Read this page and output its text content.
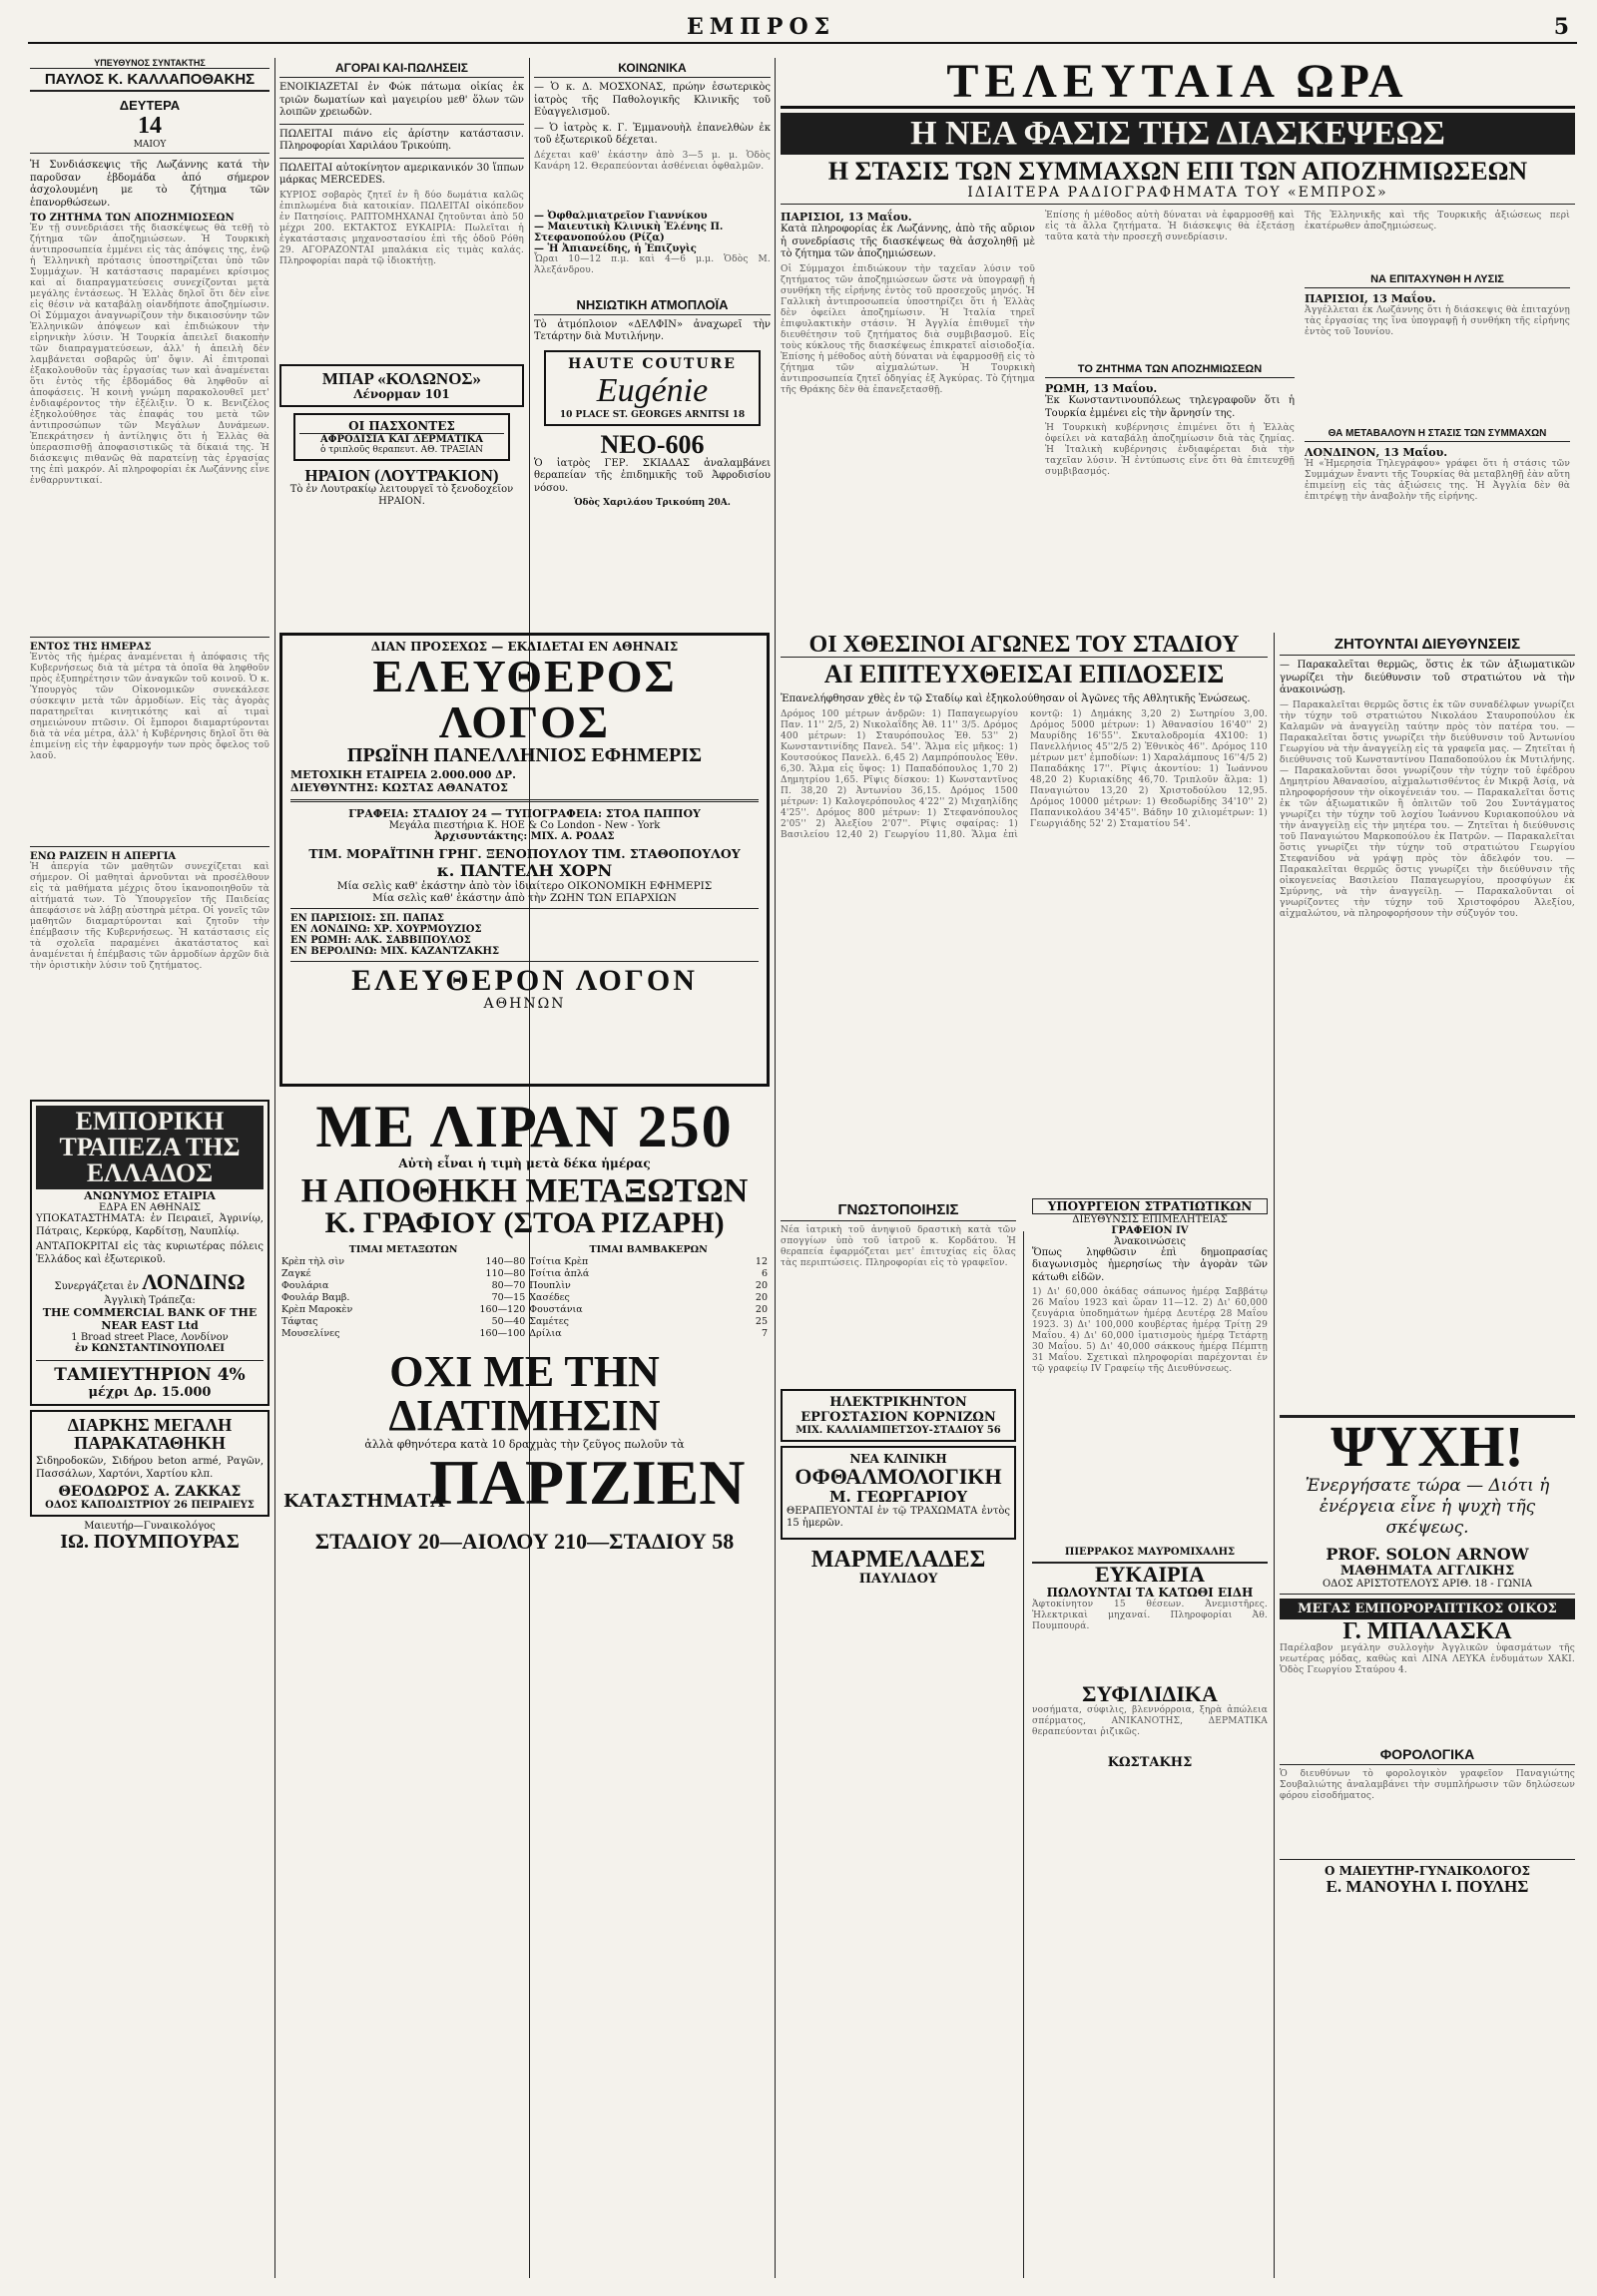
ΕΜΠΡΟΣ	5
ΥΠΕΥΘΥΝΟΣ ΣΥΝΤΑΚΤΗΣ
ΠΑΥΛΟΣ Κ. ΚΑΛΛΑΠΟΘΑΚΗΣ
ΔΕΥΤΕΡΑ
14
ΜΑΙΟΥ

Ἡ Συνδιάσκεψις τῆς Λωζάννης κατά τὴν παροῦσαν ἑβδομάδα ἀπό σήμερον ἀσχολουμένη με τὸ ζήτημα τῶν ἐπανορθώσεων.

ΤΟ ΖΗΤΗΜΑ ΤΩΝ ΑΠΟΖΗΜΙΩΣΕΩΝ
Ἐν τῇ συνεδριάσει τῆς διασκέψεως θὰ τεθῇ τὸ ζήτημα τῶν ἀποζημιώσεων. Ἡ Τουρκικὴ ἀντιπροσωπεία ἐμμένει εἰς τὰς ἀπόψεις της, ἐνῷ ἡ Ἑλληνικὴ πρότασις ὑποστηρίζεται ὑπὸ τῶν Συμμάχων. Ἡ κατάστασις παραμένει κρίσιμος καὶ αἱ διαπραγματεύσεις συνεχίζονται μετὰ μεγάλης ἐντάσεως. Ἡ Ἑλλὰς δηλοῖ ὅτι δὲν εἶνε εἰς θέσιν νὰ καταβάλῃ οἱανδήποτε ἀποζημίωσιν. Οἱ Σύμμαχοι ἀναγνωρίζουν τὴν δικαιοσύνην τῶν Ἑλληνικῶν ἀπόψεων καὶ ἐπιδιώκουν τὴν εἰρηνικὴν λύσιν. Ἡ Τουρκία ἀπειλεῖ διακοπὴν τῶν διαπραγματεύσεων, ἀλλ' ἡ ἀπειλὴ δὲν λαμβάνεται σοβαρῶς ὑπ' ὄψιν. Αἱ ἐπιτροπαὶ ἐξακολουθοῦν τὰς ἐργασίας των καὶ ἀναμένεται ὅτι ἐντὸς τῆς ἑβδομάδος θὰ ληφθοῦν αἱ ἀποφάσεις. Ἡ κοινὴ γνώμη παρακολουθεῖ μετ' ἐνδιαφέροντος τὴν ἐξέλιξιν. Ὁ κ. Βενιζέλος ἐξηκολούθησε τὰς ἐπαφάς του μετὰ τῶν ἀντιπροσώπων τῶν Μεγάλων Δυνάμεων. Ἐπεκράτησεν ἡ ἀντίληψις ὅτι ἡ Ἑλλὰς θὰ ὑπερασπισθῇ ἀποφασιστικῶς τὰ δίκαιά της. Ἡ διάσκεψις πιθανῶς θὰ παρατείνῃ τὰς ἐργασίας της ἐπὶ μακρόν. Αἱ πληροφορίαι ἐκ Λωζάννης εἶνε ἐνθαρρυντικαί.
ΕΝΤΟΣ ΤΗΣ ΗΜΕΡΑΣ
Ἐντὸς τῆς ἡμέρας ἀναμένεται ἡ ἀπόφασις τῆς Κυβερνήσεως διὰ τὰ μέτρα τὰ ὁποῖα θὰ ληφθοῦν πρὸς ἐξυπηρέτησιν τῶν ἀναγκῶν τοῦ κοινοῦ. Ὁ κ. Ὑπουργὸς τῶν Οἰκονομικῶν συνεκάλεσε σύσκεψιν μετὰ τῶν ἁρμοδίων. Εἰς τὰς ἀγορὰς παρατηρεῖται κινητικότης καὶ αἱ τιμαὶ σημειώνουν πτῶσιν. Οἱ ἔμποροι διαμαρτύρονται διὰ τὰ νέα μέτρα, ἀλλ' ἡ Κυβέρνησις δηλοῖ ὅτι θὰ ἐπιμείνῃ εἰς τὴν ἐφαρμογήν των πρὸς ὄφελος τοῦ λαοῦ.
ΕΝΩ ΡΑΙΖΕΙΝ Η ΑΠΕΡΓΙΑ
Ἡ ἀπεργία τῶν μαθητῶν συνεχίζεται καὶ σήμερον. Οἱ μαθηταὶ ἀρνοῦνται νὰ προσέλθουν εἰς τὰ μαθήματα μέχρις ὅτου ἱκανοποιηθοῦν τὰ αἰτήματά των. Τὸ Ὑπουργεῖον τῆς Παιδείας ἀπεφάσισε νὰ λάβῃ αὐστηρὰ μέτρα. Οἱ γονεῖς τῶν μαθητῶν διαμαρτύρονται καὶ ζητοῦν τὴν ἐπέμβασιν τῆς Κυβερνήσεως. Ἡ κατάστασις εἰς τὰ σχολεῖα παραμένει ἀκατάστατος καὶ ἀναμένεται ἡ ἐπέμβασις τῶν ἁρμοδίων ἀρχῶν διὰ τὴν ὁριστικὴν λύσιν τοῦ ζητήματος.
ΕΜΠΟΡΙΚΗ ΤΡΑΠΕΖΑ ΤΗΣ ΕΛΛΑΔΟΣ
ΑΝΩΝΥΜΟΣ ΕΤΑΙΡΙΑ
ΕΔΡΑ ΕΝ ΑΘΗΝΑΙΣ

ΥΠΟΚΑΤΑΣΤΗΜΑΤΑ: ἐν Πειραιεῖ, Ἀγρινίῳ, Πάτραις, Κερκύρᾳ, Καρδίτσῃ, Ναυπλίῳ.

ΑΝΤΑΠΟΚΡΙΤΑΙ εἰς τὰς κυριωτέρας πόλεις Ἑλλάδος καὶ ἐξωτερικοῦ.

Συνεργάζεται ἐν ΛΟΝΔΙΝΩ
Ἀγγλικὴ Τράπεζα:
THE COMMERCIAL BANK OF THE NEAR EAST Ltd
1 Broad street Place, Λονδίνον
ἐν ΚΩΝΣΤΑΝΤΙΝΟΥΠΟΛΕΙ
ΤΑΜΙΕΥΤΗΡΙΟΝ 4%
μέχρι Δρ. 15.000
ΔΙΑΡΚΗΣ ΜΕΓΑΛΗ ΠΑΡΑΚΑΤΑΘΗΚΗ

Σιδηροδοκῶν, Σιδήρου beton armé, Ραγῶν, Πασσάλων, Χαρτόνι, Χαρτίου κλπ.

ΘΕΟΔΩΡΟΣ Α. ΖΑΚΚΑΣ
ΟΔΟΣ ΚΑΠΟΔΙΣΤΡΙΟΥ 26 ΠΕΙΡΑΙΕΥΣ
Μαιευτήρ—Γυναικολόγος
ΙΩ. ΠΟΥΜΠΟΥΡΑΣ
ΑΓΟΡΑΙ ΚΑΙ-ΠΩΛΗΣΕΙΣ

ΕΝΟΙΚΙΑΖΕΤΑΙ ἐν Φώκ πάτωμα οἰκίας ἐκ τριῶν δωματίων καὶ μαγειρίου μεθ' ὅλων τῶν λοιπῶν χρειωδῶν.

ΠΩΛΕΙΤΑΙ πιάνο εἰς ἀρίστην κατάστασιν. Πληροφορίαι Χαριλάου Τρικούπη.

ΠΩΛΕΙΤΑΙ αὐτοκίνητον αμερικανικόν 30 ἵππων μάρκας MERCEDES.

ΚΥΡΙΟΣ σοβαρὸς ζητεῖ ἐν ἢ δύο δωμάτια καλῶς ἐπιπλωμένα διὰ κατοικίαν. ΠΩΛΕΙΤΑΙ οἰκόπεδον ἐν Πατησίοις. ΡΑΠΤΟΜΗΧΑΝΑΙ ζητοῦνται ἀπὸ 50 μέχρι 200. ΕΚΤΑΚΤΟΣ ΕΥΚΑΙΡΙΑ: Πωλεῖται ἡ ἐγκατάστασις μηχανοστασίου ἐπὶ τῆς ὁδοῦ Ρόθη 29. ΑΓΟΡΑΖΟΝΤΑΙ μπαλάκια εἰς τιμὰς καλάς. Πληροφορίαι παρὰ τῷ ἰδιοκτήτῃ.
ΜΠΑΡ «ΚΟΛΩΝΟΣ»
Λένορμαν 101
ΟΙ ΠΑΣΧΟΝΤΕΣ
ΑΦΡΟΔΙΣΙΑ ΚΑΙ ΔΕΡΜΑΤΙΚΑ
ὁ τριπλοῦς θεραπευτ. ΑΘ. ΤΡΑΞΙΑΝ
ΗΡΑΙΟΝ (ΛΟΥΤΡΑΚΙΟΝ)

Τὸ ἐν Λουτρακίῳ λειτουργεῖ τὸ ξενοδοχεῖον ΗΡΑΙΟΝ.

ΔΙΑΝ ΠΡΟΣΕΧΩΣ — ΕΚΔΙΔΕΤΑΙ ΕΝ ΑΘΗΝΑΙΣ
ΕΛΕΥΘΕΡΟΣ ΛΟΓΟΣ
ΠΡΩΪΝΗ ΠΑΝΕΛΛΗΝΙΟΣ ΕΦΗΜΕΡΙΣ
ΜΕΤΟΧΙΚΗ ΕΤΑΙΡΕΙΑ 2.000.000 ΔΡ.
ΔΙΕΥΘΥΝΤΗΣ: ΚΩΣΤΑΣ ΑΘΑΝΑΤΟΣ
ΓΡΑΦΕΙΑ: ΣΤΑΔΙΟΥ 24 — ΤΥΠΟΓΡΑΦΕΙΑ: ΣΤΟΑ ΠΑΠΠΟΥ
Μεγάλα πιεστήρια K. HOE & Co London - New - York
Ἀρχισυντάκτης: ΜΙΧ. Α. ΡΟΔΑΣ
ΤΙΜ. ΜΟΡΑΪΤΙΝΗ ΓΡΗΓ. ΞΕΝΟΠΟΥΛΟΥ ΤΙΜ. ΣΤΑΘΟΠΟΥΛΟΥ
κ. ΠΑΝΤΕΛΗ ΧΟΡΝ
Μία σελὶς καθ' ἑκάστην ἀπὸ τὸν ἰδιαίτερο ΟΙΚΟΝΟΜΙΚΗ ΕΦΗΜΕΡΙΣ
Μία σελὶς καθ' ἑκάστην ἀπὸ τὴν ΖΩΗΝ ΤΩΝ ΕΠΑΡΧΙΩΝ
ΕΝ ΠΑΡΙΣΙΟΙΣ: ΣΠ. ΠΑΠΑΣ
ΕΝ ΛΟΝΔΙΝΩ: ΧΡ. ΧΟΥΡΜΟΥΖΙΟΣ
ΕΝ ΡΩΜΗ: ΑΛΚ. ΣΑΒΒΙΠΟΥΛΟΣ
ΕΝ ΒΕΡΟΛΙΝΩ: ΜΙΧ. ΚΑΖΑΝΤΖΑΚΗΣ
ΕΛΕΥΘΕΡΟΝ ΛΟΓΟΝ
ΑΘΗΝΩΝ
ΜΕ ΛΙΡΑΝ 250
Αὐτὴ εἶναι ἡ τιμὴ μετὰ δέκα ἡμέρας
Η ΑΠΟΘΗΚΗ ΜΕΤΑΞΩΤΩΝ
Κ. ΓΡΑΦΙΟΥ (ΣΤΟΑ ΡΙΖΑΡΗ)
ΤΙΜΑΙ ΜΕΤΑΞΩΤΩΝ		ΤΙΜΑΙ ΒΑΜΒΑΚΕΡΩΝ	
Κρὲπ τὴλ σὶν	140—80	Τσίτια Κρὲπ	12
Ζαγκέ	110—80	Τσίτια ἁπλά	6
Φουλάρια	80—70	Πουπλὶν	20
Φουλάρ Βαμβ.	70—15	Χασέδες	20
Κρὲπ Μαροκὲν	160—120	Φουστάνια	20
Τάφτας	50—40	Σαμέτες	25
Μουσελίνες	160—100	Δρίλια	7
ΟΧΙ ΜΕ ΤΗΝ ΔΙΑΤΙΜΗΣΙΝ
ἀλλὰ φθηνότερα κατὰ 10 δραχμὰς τὴν ζεῦγος πωλοῦν τὰ
ΚΑΤΑΣΤΗΜΑΤΑ
ΠΑΡΙΖΙΕΝ
ΣΤΑΔΙΟΥ 20—ΑΙΟΛΟΥ 210—ΣΤΑΔΙΟΥ 58
ΚΟΙΝΩΝΙΚΑ

— Ὁ κ. Δ. ΜΟΣΧΟΝΑΣ, πρώην ἐσωτερικὸς ἰατρὸς τῆς Παθολογικῆς Κλινικῆς τοῦ Εὐαγγελισμοῦ.

— Ὁ ἰατρὸς κ. Γ. Ἐμμανουὴλ ἐπανελθὼν ἐκ τοῦ ἐξωτερικοῦ δέχεται.

Δέχεται καθ' ἑκάστην ἀπὸ 3—5 μ. μ. Ὁδὸς Κανάρη 12. Θεραπεύονται ἀσθένειαι ὀφθαλμῶν.
— Ὀφθαλμιατρεῖον Γιαννίκου
— Μαιευτικὴ Κλινικὴ Ἑλένης Π. Στεφανοπούλου (Ρίζα)
— Ἡ Ἀπιανείδης, ἡ Ἐπιζυγὶς
Ὧραι 10—12 π.μ. καὶ 4—6 μ.μ. Ὁδὸς Μ. Ἀλεξάνδρου.
ΝΗΣΙΩΤΙΚΗ ΑΤΜΟΠΛΟΪΑ

Τὸ ἀτμόπλοιον «ΔΕΛΦΙΝ» ἀναχωρεῖ τὴν Τετάρτην διὰ Μυτιλήνην.

HAUTE COUTURE
Eugénie
10 PLACE ST. GEORGES ARNITSI 18
ΝΕΟ-606

Ὁ ἰατρὸς ΓΕΡ. ΣΚΙΑΔΑΣ ἀναλαμβάνει θεραπείαν τῆς ἐπιδημικῆς τοῦ Ἀφροδισίου νόσου.

Ὁδὸς Χαριλάου Τρικούπη 20Α.
ΤΕΛΕΥΤΑΙΑ ΩΡΑ
Η ΝΕΑ ΦΑΣΙΣ ΤΗΣ ΔΙΑΣΚΕΨΕΩΣ
Η ΣΤΑΣΙΣ ΤΩΝ ΣΥΜΜΑΧΩΝ ΕΠΙ ΤΩΝ ΑΠΟΖΗΜΙΩΣΕΩΝ
ΙΔΙΑΙΤΕΡΑ ΡΑΔΙΟΓΡΑΦΗΜΑΤΑ ΤΟΥ «ΕΜΠΡΟΣ»
ΠΑΡΙΣΙΟΙ, 13 Μαΐου.

Κατὰ πληροφορίας ἐκ Λωζάννης, ἀπὸ τῆς αὔριον ἡ συνεδρίασις τῆς διασκέψεως θὰ ἀσχοληθῇ μὲ τὸ ζήτημα τῶν ἀποζημιώσεων.

Οἱ Σύμμαχοι ἐπιδιώκουν τὴν ταχεῖαν λύσιν τοῦ ζητήματος τῶν ἀποζημιώσεων ὥστε νὰ ὑπογραφῇ ἡ συνθήκη τῆς εἰρήνης ἐντὸς τοῦ προσεχοῦς μηνός. Ἡ Γαλλικὴ ἀντιπροσωπεία ὑποστηρίζει ὅτι ἡ Ἑλλὰς δὲν ὀφείλει ἀποζημίωσιν. Ἡ Ἰταλία τηρεῖ ἐπιφυλακτικὴν στάσιν. Ἡ Ἀγγλία ἐπιθυμεῖ τὴν διευθέτησιν τοῦ ζητήματος διὰ συμβιβασμοῦ. Εἰς τοὺς κύκλους τῆς διασκέψεως ἐπικρατεῖ αἰσιοδοξία. Ἐπίσης ἡ μέθοδος αὐτὴ δύναται νὰ ἐφαρμοσθῇ εἰς τὸ ζήτημα τῶν αἰχμαλώτων. Ἡ Τουρκικὴ ἀντιπροσωπεία ζητεῖ ὁδηγίας ἐξ Ἀγκύρας. Τὸ ζήτημα τῆς Θράκης δὲν θὰ ἐπανεξετασθῇ.
Ἐπίσης ἡ μέθοδος αὐτὴ δύναται νὰ ἐφαρμοσθῇ καὶ εἰς τὰ ἄλλα ζητήματα. Ἡ διάσκεψις θὰ ἐξετάσῃ ταῦτα κατὰ τὴν προσεχῆ συνεδρίασιν.
ΤΟ ΖΗΤΗΜΑ ΤΩΝ ΑΠΟΖΗΜΙΩΣΕΩΝ
ΡΩΜΗ, 13 Μαΐου.

Ἐκ Κωνσταντινουπόλεως τηλεγραφοῦν ὅτι ἡ Τουρκία ἐμμένει εἰς τὴν ἄρνησίν της.

Ἡ Τουρκικὴ κυβέρνησις ἐπιμένει ὅτι ἡ Ἑλλὰς ὀφείλει νὰ καταβάλῃ ἀποζημίωσιν διὰ τὰς ζημίας. Ἡ Ἰταλικὴ κυβέρνησις ἐνδιαφέρεται διὰ τὴν ταχεῖαν λύσιν. Ἡ ἐντύπωσις εἶνε ὅτι θὰ ἐπιτευχθῇ συμβιβασμός.
Τῆς Ἑλληνικῆς καὶ τῆς Τουρκικῆς ἀξιώσεως περὶ ἑκατέρωθεν ἀποζημιώσεως.
ΝΑ ΕΠΙΤΑΧΥΝΘΗ Η ΛΥΣΙΣ
ΠΑΡΙΣΙΟΙ, 13 Μαΐου.
Ἀγγέλλεται ἐκ Λωζάννης ὅτι ἡ διάσκεψις θὰ ἐπιταχύνῃ τὰς ἐργασίας της ἵνα ὑπογραφῇ ἡ συνθήκη τῆς εἰρήνης ἐντὸς τοῦ Ἰουνίου.
ΘΑ ΜΕΤΑΒΑΛΟΥΝ Η ΣΤΑΣΙΣ ΤΩΝ ΣΥΜΜΑΧΩΝ
ΛΟΝΔΙΝΟΝ, 13 Μαΐου.
Ἡ «Ἡμερησία Τηλεγράφου» γράφει ὅτι ἡ στάσις τῶν Συμμάχων ἔναντι τῆς Τουρκίας θὰ μεταβληθῇ ἐὰν αὕτη ἐπιμείνῃ εἰς τὰς ἀξιώσεις της. Ἡ Ἀγγλία δὲν θὰ ἐπιτρέψῃ τὴν ἀναβολὴν τῆς εἰρήνης.
ΟΙ ΧΘΕΣΙΝΟΙ ΑΓΩΝΕΣ ΤΟΥ ΣΤΑΔΙΟΥ
ΑΙ ΕΠΙΤΕΥΧΘΕΙΣΑΙ ΕΠΙΔΟΣΕΙΣ

Ἐπανελήφθησαν χθὲς ἐν τῷ Σταδίῳ καὶ ἐξηκολούθησαν οἱ Ἀγῶνες τῆς Αθλητικῆς Ἑνώσεως.

Δρόμος 100 μέτρων ἀνδρῶν: 1) Παπαγεωργίου Παν. 11'' 2/5, 2) Νικολαΐδης Ἀθ. 11'' 3/5. Δρόμος 400 μέτρων: 1) Σταυρόπουλος Ἐθ. 53'' 2) Κωνσταντινίδης Πανελ. 54''. Ἅλμα εἰς μῆκος: 1) Κουτσούκος Πανελλ. 6,45 2) Λαμπρόπουλος Ἐθν. 6,30. Ἅλμα εἰς ὕψος: 1) Παπαδόπουλος 1,70 2) Δημητρίου 1,65. Ρῖψις δίσκου: 1) Κωνσταντῖνος Π. 38,20 2) Ἀντωνίου 36,15. Δρόμος 1500 μέτρων: 1) Καλογερόπουλος 4'22'' 2) Μιχαηλίδης 4'25''. Δρόμος 800 μέτρων: 1) Στεφανόπουλος 2'05'' 2) Ἀλεξίου 2'07''. Ρῖψις σφαίρας: 1) Βασιλείου 12,40 2) Γεωργίου 11,80. Ἅλμα ἐπὶ κοντῷ: 1) Δημάκης 3,20 2) Σωτηρίου 3,00. Δρόμος 5000 μέτρων: 1) Ἀθανασίου 16'40'' 2) Μαυρίδης 16'55''. Σκυταλοδρομία 4Χ100: 1) Πανελλήνιος 45''2/5 2) Ἐθνικὸς 46''. Δρόμος 110 μέτρων μετ' ἐμποδίων: 1) Χαραλάμπους 16''4/5 2) Παπαδάκης 17''. Ρῖψις ἀκοντίου: 1) Ἰωάννου 48,20 2) Κυριακίδης 46,70. Τριπλοῦν ἅλμα: 1) Παναγιώτου 13,20 2) Χριστοδούλου 12,95. Δρόμος 10000 μέτρων: 1) Θεοδωρίδης 34'10'' 2) Παπανικολάου 34'45''. Βάδην 10 χιλιομέτρων: 1) Γεωργιάδης 52' 2) Σταματίου 54'.
ΓΝΩΣΤΟΠΟΙΗΣΙΣ
Νέα ἰατρικὴ τοῦ ἀνηψιοῦ δραστικὴ κατὰ τῶν σπογγίων ὑπὸ τοῦ ἰατροῦ κ. Κορδάτου. Ἡ θεραπεία ἐφαρμόζεται μετ' ἐπιτυχίας εἰς ὅλας τὰς περιπτώσεις. Πληροφορίαι εἰς τὸ γραφεῖον.
ΗΛΕΚΤΡΙΚΗΝΤΟΝ ΕΡΓΟΣΤΑΣΙΟΝ ΚΟΡΝΙΖΩΝ
ΜΙΧ. ΚΑΛΛΙΑΜΠΕΤΣΟΥ-ΣΤΑΔΙΟΥ 56
ΝΕΑ ΚΛΙΝΙΚΗ
ΟΦΘΑΛΜΟΛΟΓΙΚΗ
Μ. ΓΕΩΡΓΑΡΙΟΥ

ΘΕΡΑΠΕΥΟΝΤΑΙ ἐν τῷ ΤΡΑΧΩΜΑΤΑ ἐντὸς 15 ἡμερῶν.

ΜΑΡΜΕΛΑΔΕΣ
ΠΑΥΛΙΔΟΥ
ΥΠΟΥΡΓΕΙΟΝ ΣΤΡΑΤΙΩΤΙΚΩΝ
ΔΙΕΥΘΥΝΣΙΣ ΕΠΙΜΕΛΗΤΕΙΑΣ
ΓΡΑΦΕΙΟΝ ΙV
Ἀνακοινώσεις

Ὅπως ληφθῶσιν ἐπὶ δημοπρασίας διαγωνισμὸς ἡμερησίως τὴν ἀγορὰν τῶν κάτωθι εἰδῶν.

1) Δι' 60,000 ὀκάδας σάπωνος ἡμέρᾳ Σαββάτῳ 26 Μαΐου 1923 καὶ ὥραν 11—12. 2) Δι' 60,000 ζευγάρια ὑποδημάτων ἡμέρᾳ Δευτέρᾳ 28 Μαΐου 1923. 3) Δι' 100,000 κουβέρτας ἡμέρᾳ Τρίτῃ 29 Μαΐου. 4) Δι' 60,000 ἱματισμοὺς ἡμέρᾳ Τετάρτῃ 30 Μαΐου. 5) Δι' 40,000 σάκκους ἡμέρᾳ Πέμπτῃ 31 Μαΐου. Σχετικαὶ πληροφορίαι παρέχονται ἐν τῷ γραφείῳ IV Γραφείῳ τῆς Διευθύνσεως.
ΠΙΕΡΡΑΚΟΣ ΜΑΥΡΟΜΙΧΑΛΗΣ
ΕΥΚΑΙΡΙΑ
ΠΩΛΟΥΝΤΑΙ ΤΑ ΚΑΤΩΘΙ ΕΙΔΗ
Ἀφτοκίνητον 15 θέσεων. Ἀνεμιστῆρες. Ἡλεκτρικαὶ μηχαναί. Πληροφορίαι Ἀθ. Πουμπουρά.
ΣΥΦΙΛΙΔΙΚΑ
νοσήματα, σύφιλις, βλεννόρροια, ξηρὰ ἀπώλεια σπέρματος, ΑΝΙΚΑΝΟΤΗΣ, ΔΕΡΜΑΤΙΚΑ θεραπεύονται ῥιζικῶς.
ΚΩΣΤΑΚΗΣ
ΖΗΤΟΥΝΤΑΙ ΔΙΕΥΘΥΝΣΕΙΣ

— Παρακαλεῖται θερμῶς, ὅστις ἐκ τῶν ἀξιωματικῶν γνωρίζει τὴν διεύθυνσιν τοῦ στρατιώτου νὰ τὴν ἀνακοινώσῃ.

— Παρακαλεῖται θερμῶς ὅστις ἐκ τῶν συναδέλφων γνωρίζει τὴν τύχην τοῦ στρατιώτου Νικολάου Σταυροπούλου ἐκ Καλαμῶν νὰ ἀναγγείλῃ ταύτην πρὸς τὸν πατέρα του. — Παρακαλεῖται ὅστις γνωρίζει τὴν διεύθυνσιν τοῦ Ἀντωνίου Γεωργίου νὰ τὴν ἀναγγείλῃ εἰς τὰ γραφεῖα μας. — Ζητεῖται ἡ διεύθυνσις τοῦ Κωνσταντίνου Παπαδοπούλου ἐκ Μυτιλήνης. — Παρακαλοῦνται ὅσοι γνωρίζουν τὴν τύχην τοῦ ἐφέδρου Δημητρίου Ἀθανασίου, αἰχμαλωτισθέντος ἐν Μικρᾷ Ἀσίᾳ, νὰ πληροφορήσουν τὴν οἰκογένειάν του. — Παρακαλεῖται ὅστις ἐκ τῶν ἀξιωματικῶν ἢ ὁπλιτῶν τοῦ 2ου Συντάγματος γνωρίζει τὴν τύχην τοῦ λοχίου Ἰωάννου Κυριακοπούλου νὰ τὴν ἀναγγείλῃ εἰς τὴν μητέρα του. — Ζητεῖται ἡ διεύθυνσις τοῦ Παναγιώτου Μαρκοπούλου ἐκ Πατρῶν. — Παρακαλεῖται ὅστις γνωρίζει τὴν τύχην τοῦ στρατιώτου Γεωργίου Στεφανίδου νὰ γράψῃ πρὸς τὸν ἀδελφόν του. — Παρακαλεῖται θερμῶς ὅστις γνωρίζει τὴν διεύθυνσιν τῆς οἰκογενείας Βασιλείου Παπαγεωργίου, προσφύγων ἐκ Σμύρνης, νὰ τὴν ἀναγγείλῃ. — Παρακαλοῦνται οἱ γνωρίζοντες τὴν τύχην τοῦ Χριστοφόρου Ἀλεξίου, αἰχμαλώτου, νὰ πληροφορήσουν τὴν σύζυγόν του.
ΨΥΧΗ!
Ἐνεργήσατε τώρα — Διότι ἡ ἐνέργεια εἶνε ἡ ψυχὴ τῆς σκέψεως.
PROF. SOLON ARNOW
ΜΑΘΗΜΑΤΑ ΑΓΓΛΙΚΗΣ
ΟΔΟΣ ΑΡΙΣΤΟΤΕΛΟΥΣ ΑΡΙΘ. 18 - ΓΩΝΙΑ
ΜΕΓΑΣ ΕΜΠΟΡΟΡΑΠΤΙΚΟΣ ΟΙΚΟΣ
Γ. ΜΠΑΛΑΣΚΑ
Παρέλαβον μεγάλην συλλογὴν Ἀγγλικῶν ὑφασμάτων τῆς νεωτέρας μόδας, καθὼς καὶ ΛΙΝΑ ΛΕΥΚΑ ἐνδυμάτων ΧΑΚΙ. Ὁδὸς Γεωργίου Σταύρου 4.
ΦΟΡΟΛΟΓΙΚΑ
Ὁ διευθύνων τὸ φορολογικὸν γραφεῖον Παναγιώτης Σουβαλιώτης ἀναλαμβάνει τὴν συμπλήρωσιν τῶν δηλώσεων φόρου εἰσοδήματος.
Ο ΜΑΙΕΥΤΗΡ-ΓΥΝΑΙΚΟΛΟΓΟΣ
Ε. ΜΑΝΟΥΗΛ Ι. ΠΟΥΛΗΣ
